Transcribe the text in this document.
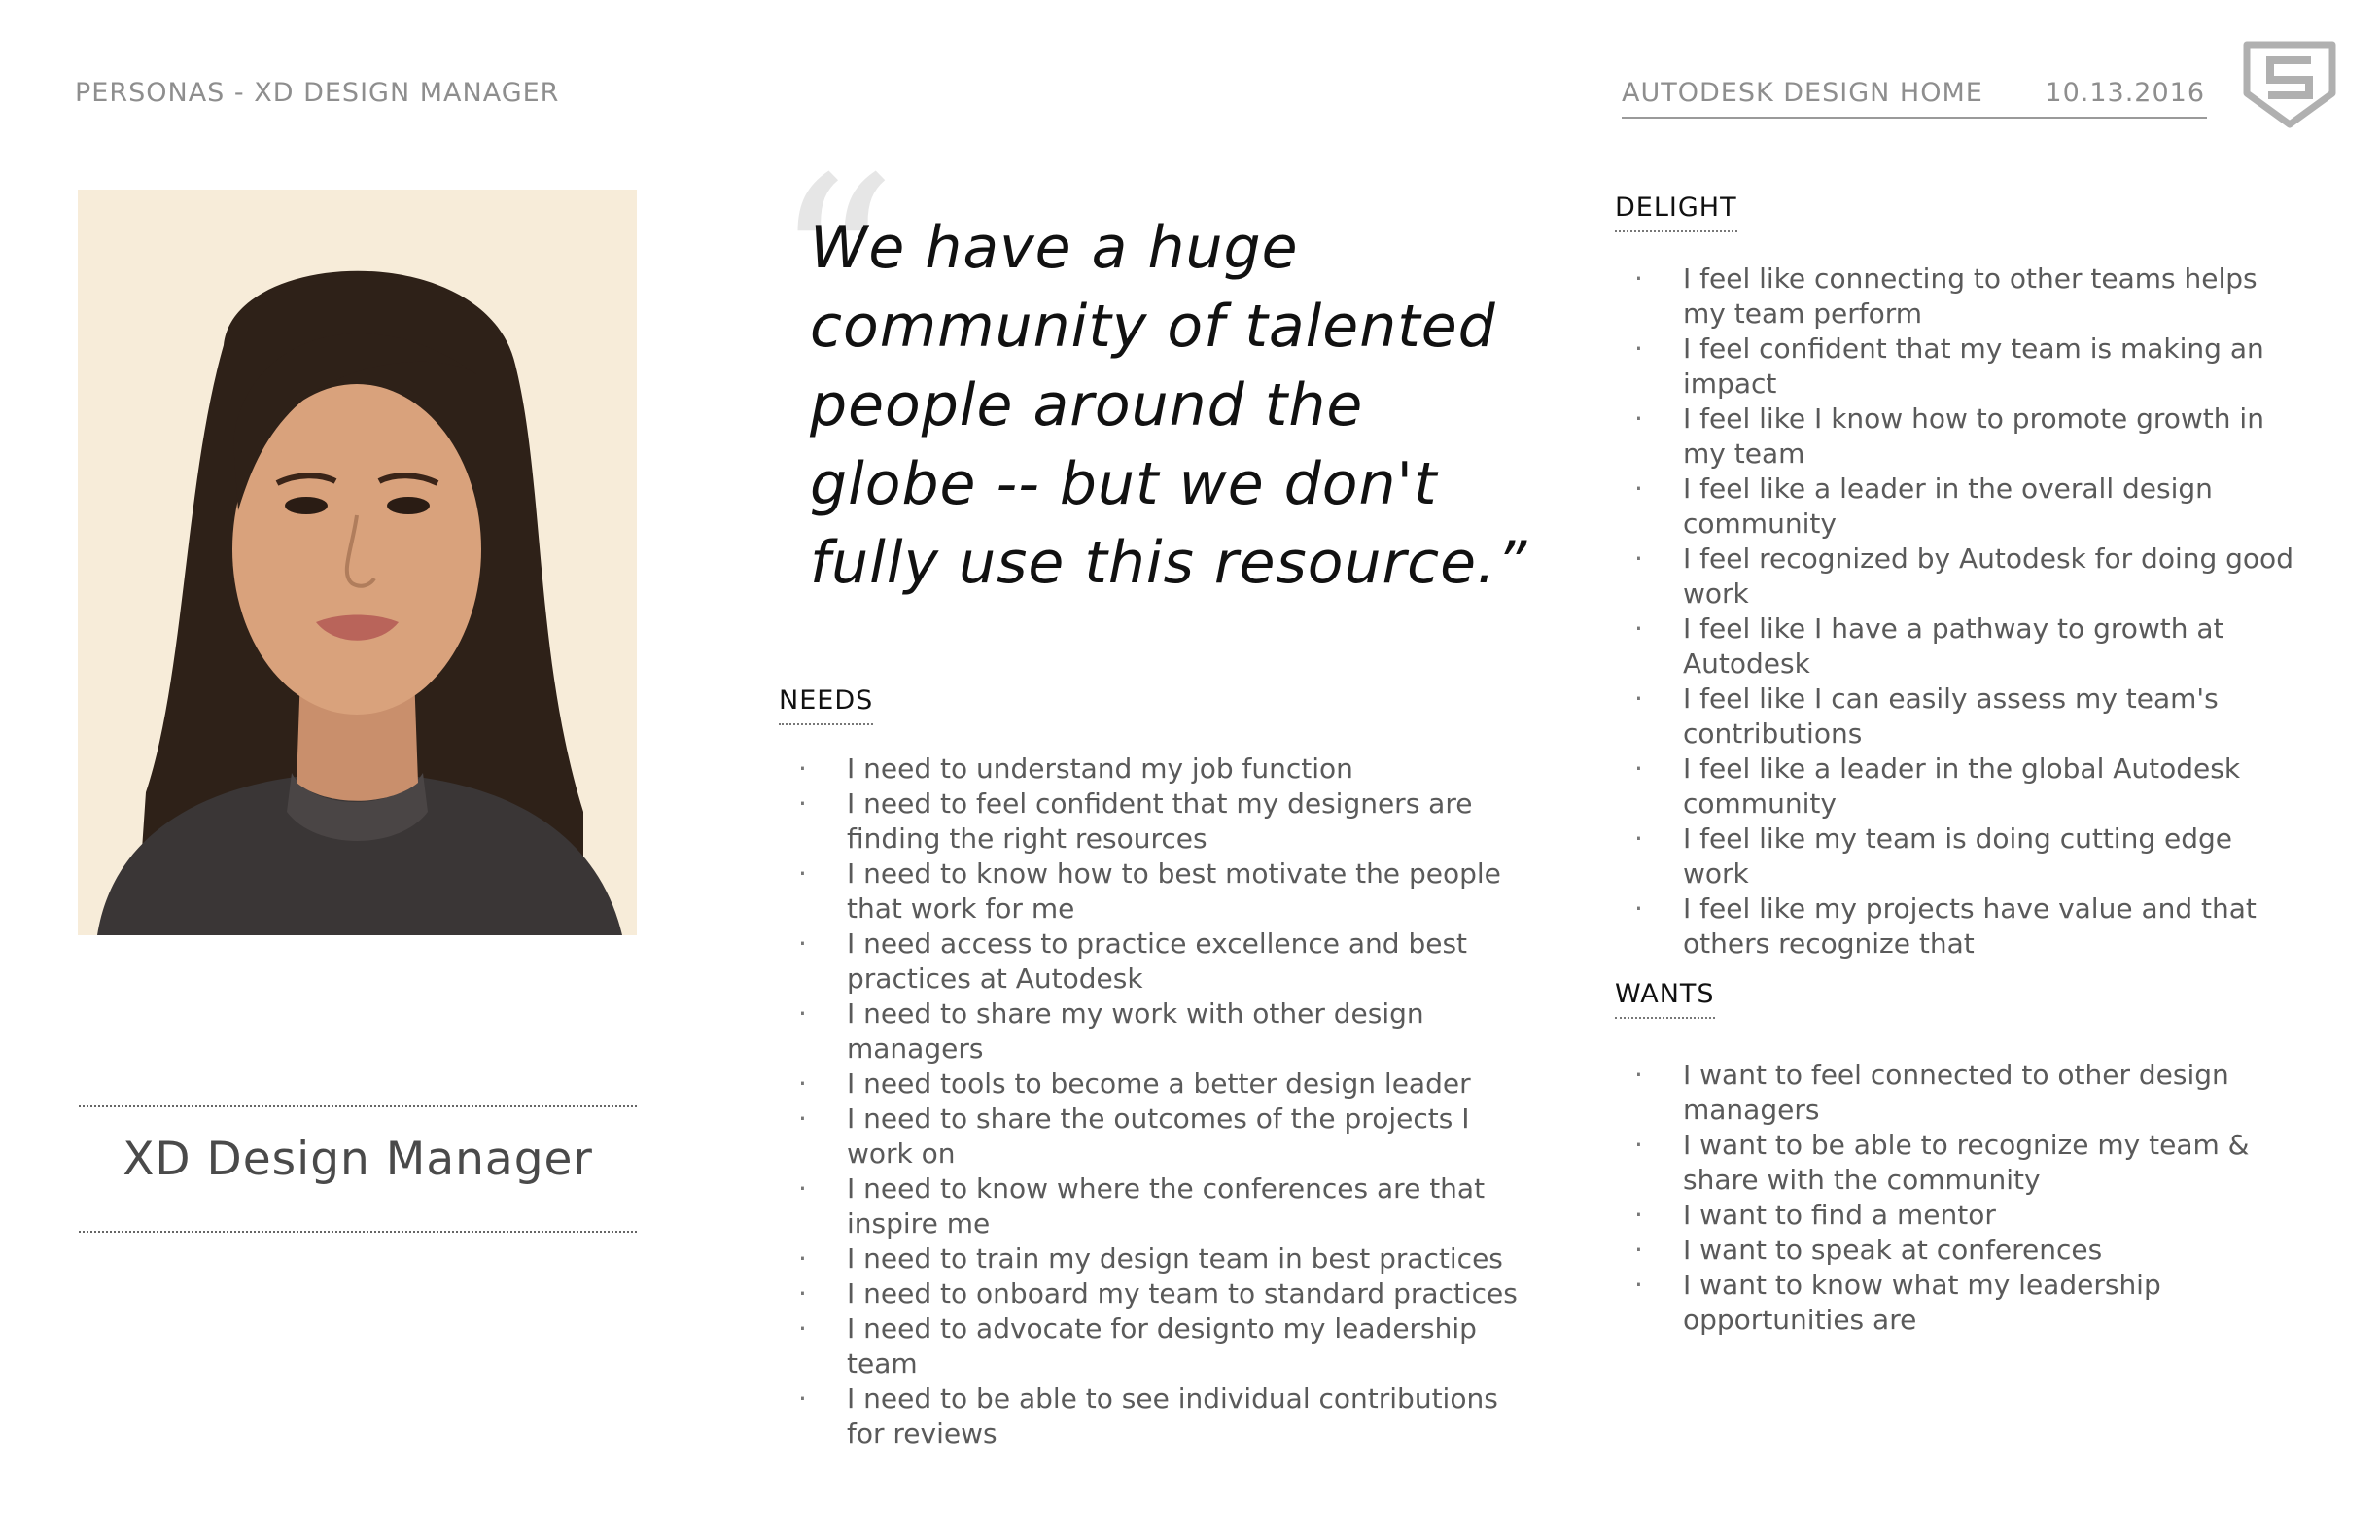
PERSONAS - XD DESIGN MANAGER	AUTODESK DESIGN HOME 10.13.2016
XD Design Manager
“
We have a huge community of talented people around the globe -- but we don't fully use this resource.”
NEEDS
· I need to understand my job function
· I need to feel confident that my designers are finding the right resources
· I need to know how to best motivate the people that work for me
· I need access to practice excellence and best practices at Autodesk
· I need to share my work with other design managers
· I need tools to become a better design leader
· I need to share the outcomes of the projects I work on
· I need to know where the conferences are that inspire me
· I need to train my design team in best practices
· I need to onboard my team to standard practices
· I need to advocate for designto my leadership team
· I need to be able to see individual contributions for reviews
DELIGHT
· I feel like connecting to other teams helps my team perform
· I feel confident that my team is making an impact
· I feel like I know how to promote growth in my team
· I feel like a leader in the overall design community
· I feel recognized by Autodesk for doing good work
· I feel like I have a pathway to growth at Autodesk
· I feel like I can easily assess my team's contributions
· I feel like a leader in the global Autodesk community
· I feel like my team is doing cutting edge work
· I feel like my projects have value and that others recognize that
WANTS
· I want to feel connected to other design managers
· I want to be able to recognize my team & share with the community
· I want to find a mentor
· I want to speak at conferences
· I want to know what my leadership opportunities are
